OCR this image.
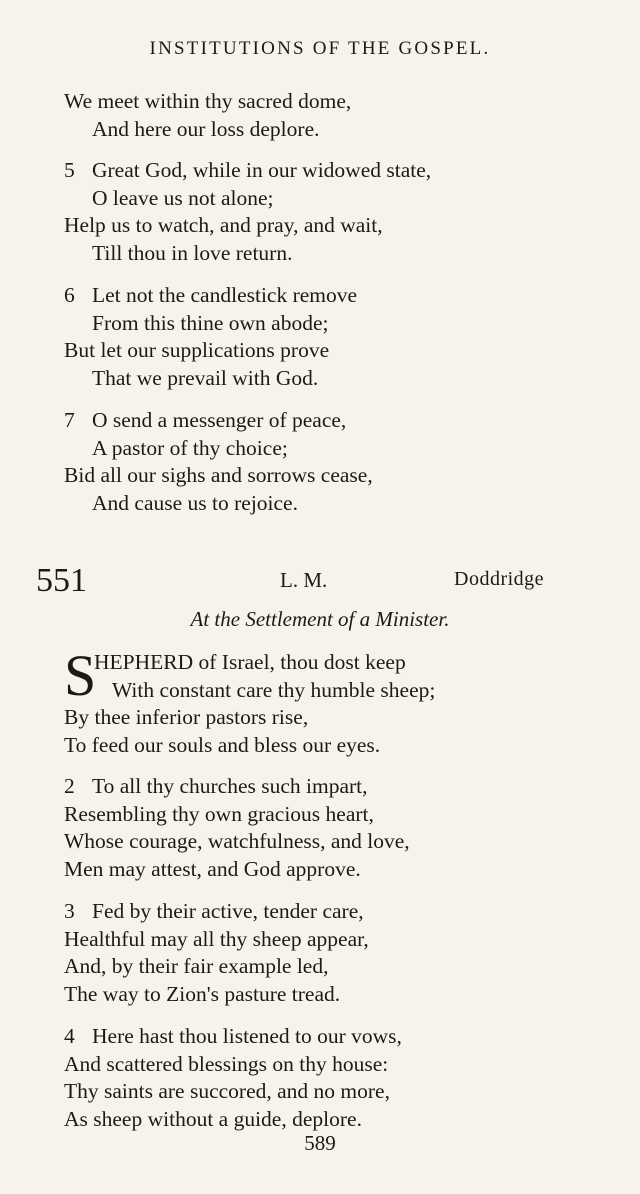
INSTITUTIONS OF THE GOSPEL.
We meet within thy sacred dome,
And here our loss deplore.
5 Great God, while in our widowed state,
O leave us not alone;
Help us to watch, and pray, and wait,
Till thou in love return.
6 Let not the candlestick remove
From this thine own abode;
But let our supplications prove
That we prevail with God.
7 O send a messenger of peace,
A pastor of thy choice;
Bid all our sighs and sorrows cease,
And cause us to rejoice.
551	L. M.	Doddridge
At the Settlement of a Minister.
S
HEPHERD of Israel, thou dost keep
With constant care thy humble sheep;
By thee inferior pastors rise,
To feed our souls and bless our eyes.
2 To all thy churches such impart,
Resembling thy own gracious heart,
Whose courage, watchfulness, and love,
Men may attest, and God approve.
3 Fed by their active, tender care,
Healthful may all thy sheep appear,
And, by their fair example led,
The way to Zion's pasture tread.
4 Here hast thou listened to our vows,
And scattered blessings on thy house:
Thy saints are succored, and no more,
As sheep without a guide, deplore.
589
